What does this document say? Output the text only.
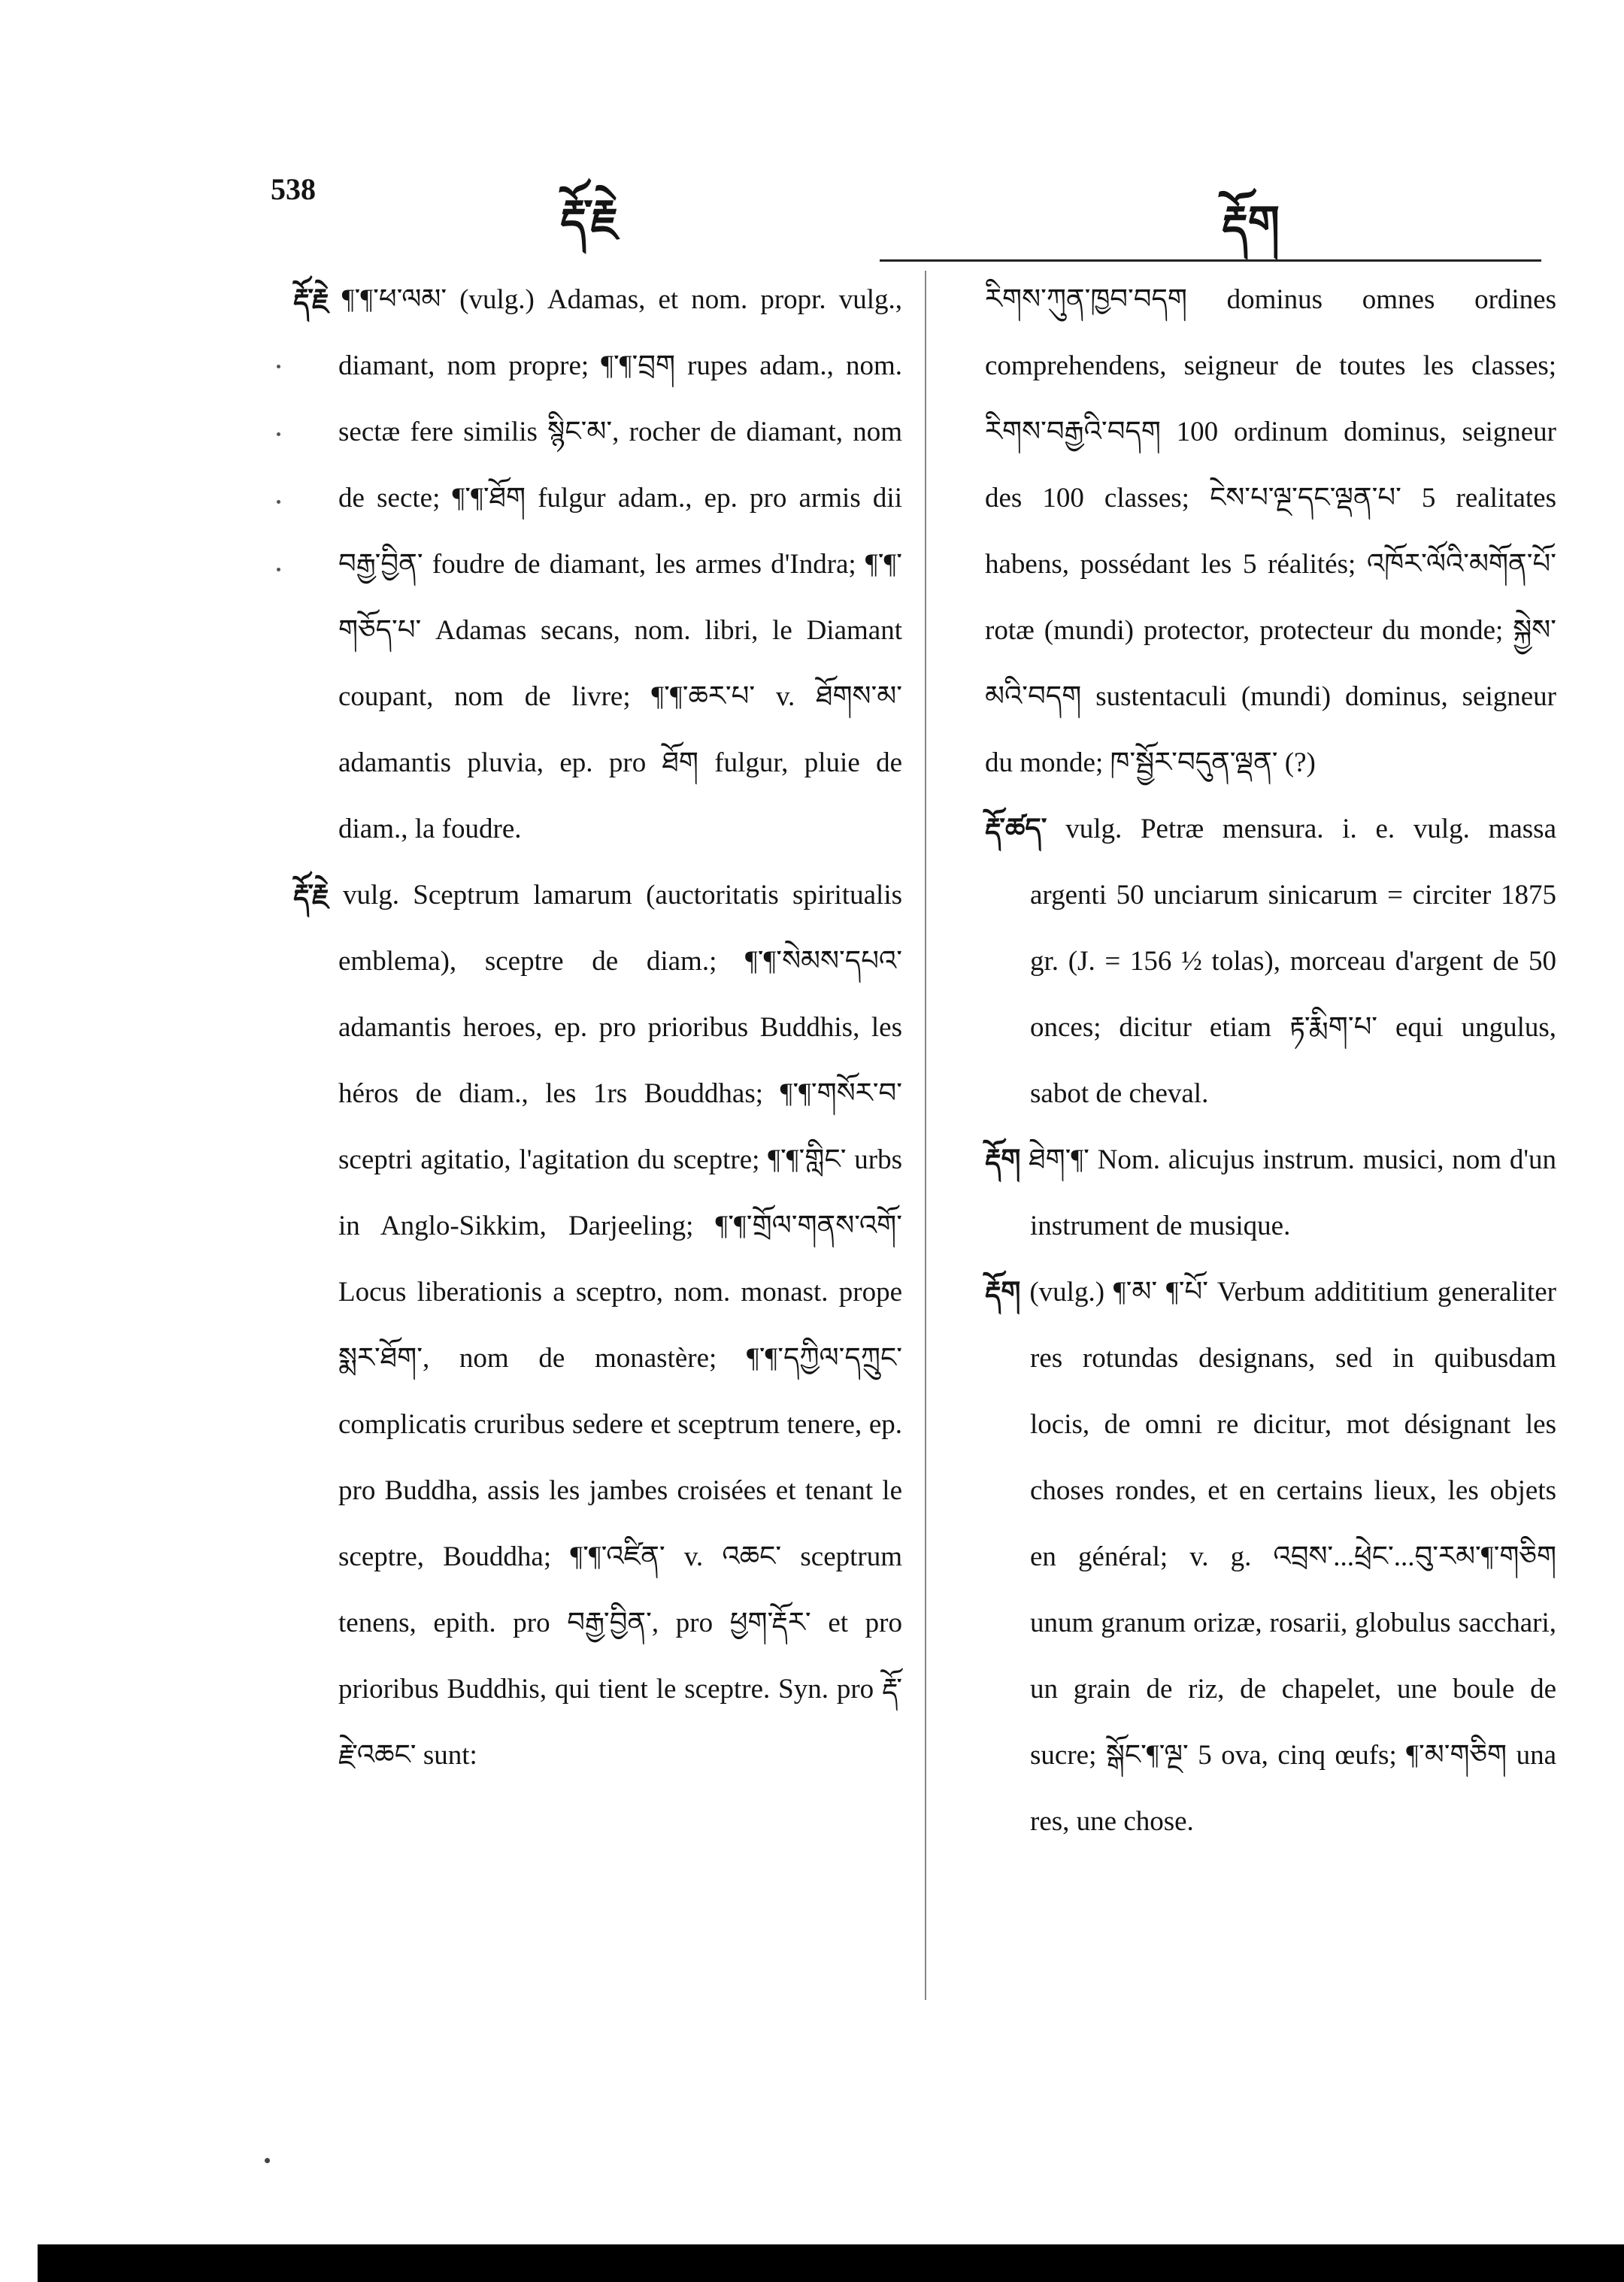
538
རྡོ་རྗེ	རྡོག

རྡོ་རྗེ ¶་¶་ཕ་ལམ་ (vulg.) Adamas, et nom. propr. vulg., diamant, nom propre; ¶་¶་བྲག rupes adam., nom. sectæ fere similis སྙིང་མ་, rocher de diamant, nom de secte; ¶་¶་ཐོག fulgur adam., ep. pro armis dii བརྒྱ་བྱིན་ foudre de diamant, les armes d'Indra; ¶་¶་གཅོད་པ་ Adamas secans, nom. libri, le Diamant coupant, nom de livre; ¶་¶་ཆར་པ་ v. ཐོགས་མ་ adamantis pluvia, ep. pro ཐོག fulgur, pluie de diam., la foudre.

རྡོ་རྗེ vulg. Sceptrum lamarum (auctoritatis spiritualis emblema), sceptre de diam.; ¶་¶་སེམས་དཔའ་ adamantis heroes, ep. pro prioribus Buddhis, les héros de diam., les 1rs Bouddhas; ¶་¶་གསོར་བ་ sceptri agitatio, l'agitation du sceptre; ¶་¶་གླིང་ urbs in Anglo-Sikkim, Darjeeling; ¶་¶་གྲོལ་གནས་འགོ་ Locus liberationis a sceptro, nom. monast. prope སྨར་ཐོག་, nom de monastère; ¶་¶་དཀྱིལ་དཀྲུང་ complicatis cruribus sedere et sceptrum tenere, ep. pro Buddha, assis les jambes croisées et tenant le sceptre, Bouddha; ¶་¶་འཛིན་ v. འཆང་ sceptrum tenens, epith. pro བརྒྱ་བྱིན་, pro ཕྱག་རྡོར་ et pro prioribus Buddhis, qui tient le sceptre. Syn. pro རྡོ་རྗེ་འཆང་ sunt:

རིགས་ཀུན་ཁྱབ་བདག dominus omnes ordines comprehendens, seigneur de toutes les classes; རིགས་བརྒྱའི་བདག 100 ordinum dominus, seigneur des 100 classes; ངེས་པ་ལྔ་དང་ལྡན་པ་ 5 realitates habens, possédant les 5 réalités; འཁོར་ལོའི་མགོན་པོ་ rotæ (mundi) protector, protecteur du monde; སྐྱེས་མའི་བདག sustentaculi (mundi) dominus, seigneur du monde; ཁ་སྦྱོར་བདུན་ལྡན་ (?)

རྡོ་ཚད་ vulg. Petræ mensura. i. e. vulg. massa argenti 50 unciarum sinicarum = circiter 1875 gr. (J. = 156 ½ tolas), morceau d'argent de 50 onces; dicitur etiam རྟ་རྨིག་པ་ equi ungulus, sabot de cheval.

རྡོག ཐེག་¶་ Nom. alicujus instrum. musici, nom d'un instrument de musique.

རྡོག (vulg.) ¶་མ་ ¶་པོ་ Verbum addititium generaliter res rotundas designans, sed in quibusdam locis, de omni re dicitur, mot désignant les choses rondes, et en certains lieux, les objets en général; v. g. འབྲས་...ཕྲེང་...བུ་རམ་¶་གཅིག unum granum orizæ, rosarii, globulus sacchari, un grain de riz, de chapelet, une boule de sucre; སྒོང་¶་ལྔ་ 5 ova, cinq œufs; ¶་མ་གཅིག una res, une chose.
